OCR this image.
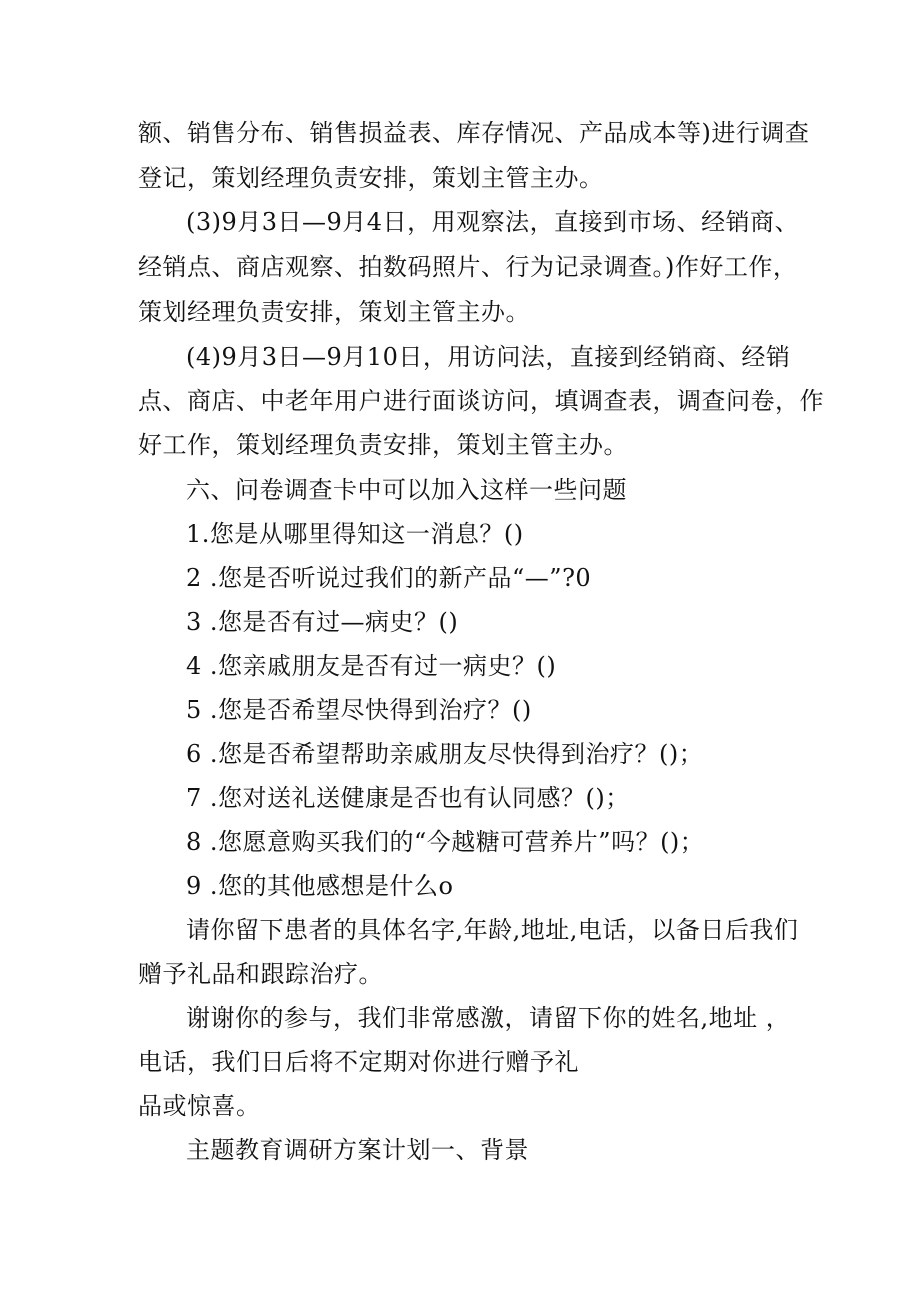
额、销售分布、销售损益表、库存情况、产品成本等)进行调查
登记，策划经理负责安排，策划主管主办。
(3)9月3日—9月4日，用观察法，直接到市场、经销商、
经销点、商店观察、拍数码照片、行为记录调查。)作好工作，
策划经理负责安排，策划主管主办。
(4)9月3日—9月10日，用访问法，直接到经销商、经销
点、商店、中老年用户进行面谈访问，填调查表，调查问卷，作
好工作，策划经理负责安排，策划主管主办。
六、问卷调查卡中可以加入这样一些问题
1.您是从哪里得知这一消息？()
2 .您是否听说过我们的新产品“—”?0
3 .您是否有过—病史？()
4 .您亲戚朋友是否有过一病史？()
5 .您是否希望尽快得到治疗？()
6 .您是否希望帮助亲戚朋友尽快得到治疗？()；
7 .您对送礼送健康是否也有认同感？()；
8 .您愿意购买我们的“今越糖可营养片”吗？()；
9 .您的其他感想是什么o
请你留下患者的具体名字,年龄,地址,电话，以备日后我们
赠予礼品和跟踪治疗。
谢谢你的参与，我们非常感激，请留下你的姓名,地址 ，
电话，我们日后将不定期对你进行赠予礼
品或惊喜。
主题教育调研方案计划一、背景
